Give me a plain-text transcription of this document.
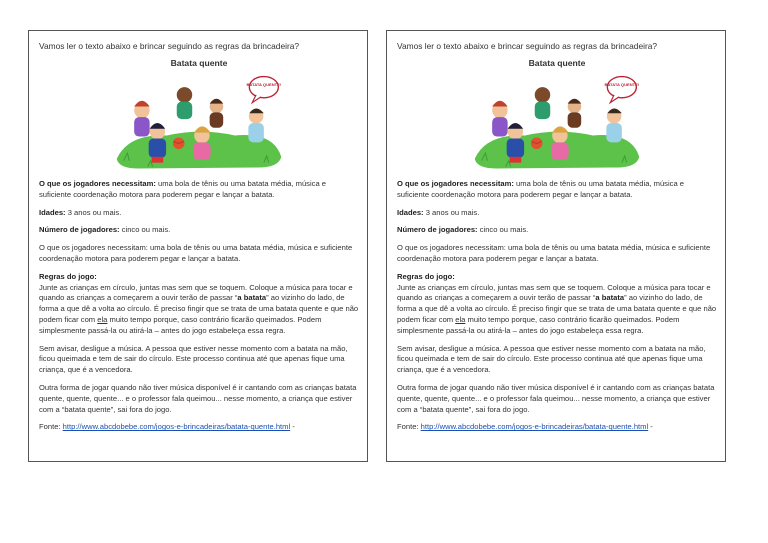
Vamos ler o texto abaixo e brincar seguindo as regras da brincadeira?
Batata quente
BATATA QUENTE!

O que os jogadores necessitam: uma bola de tênis ou uma batata média, música e suficiente coordenação motora para poderem pegar e lançar a batata.

Idades: 3 anos ou mais.

Número de jogadores: cinco ou mais.

O que os jogadores necessitam: uma bola de tênis ou uma batata média, música e suficiente coordenação motora para poderem pegar e lançar a batata.

Regras do jogo:
Junte as crianças em círculo, juntas mas sem que se toquem. Coloque a música para tocar e quando as crianças a começarem a ouvir terão de passar “a batata” ao vizinho do lado, de forma a que dê a volta ao círculo. É preciso fingir que se trata de uma batata quente e que não podem ficar com ela muito tempo porque, caso contrário ficarão queimados. Podem simplesmente passá-la ou atirá-la – antes do jogo estabeleça essa regra.

Sem avisar, desligue a música. A pessoa que estiver nesse momento com a batata na mão, ficou queimada e tem de sair do círculo. Este processo continua até que apenas fique uma criança, que é a vencedora.

Outra forma de jogar quando não tiver música disponível é ir cantando com as crianças batata quente, quente, quente... e o professor fala queimou... nesse momento, a criança que estiver com a “batata quente”, sai fora do jogo.

Fonte: http://www.abcdobebe.com/jogos-e-brincadeiras/batata-quente.html -

Vamos ler o texto abaixo e brincar seguindo as regras da brincadeira?
Batata quente
BATATA QUENTE!

O que os jogadores necessitam: uma bola de tênis ou uma batata média, música e suficiente coordenação motora para poderem pegar e lançar a batata.

Idades: 3 anos ou mais.

Número de jogadores: cinco ou mais.

O que os jogadores necessitam: uma bola de tênis ou uma batata média, música e suficiente coordenação motora para poderem pegar e lançar a batata.

Regras do jogo:
Junte as crianças em círculo, juntas mas sem que se toquem. Coloque a música para tocar e quando as crianças a começarem a ouvir terão de passar “a batata” ao vizinho do lado, de forma a que dê a volta ao círculo. É preciso fingir que se trata de uma batata quente e que não podem ficar com ela muito tempo porque, caso contrário ficarão queimados. Podem simplesmente passá-la ou atirá-la – antes do jogo estabeleça essa regra.

Sem avisar, desligue a música. A pessoa que estiver nesse momento com a batata na mão, ficou queimada e tem de sair do círculo. Este processo continua até que apenas fique uma criança, que é a vencedora.

Outra forma de jogar quando não tiver música disponível é ir cantando com as crianças batata quente, quente, quente... e o professor fala queimou... nesse momento, a criança que estiver com a “batata quente”, sai fora do jogo.

Fonte: http://www.abcdobebe.com/jogos-e-brincadeiras/batata-quente.html -
